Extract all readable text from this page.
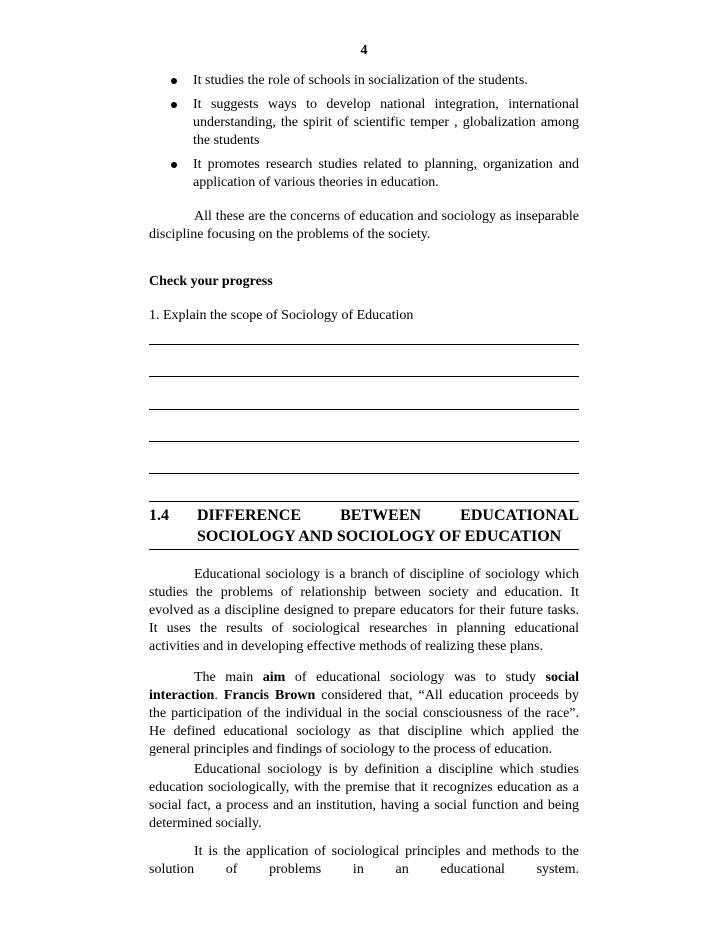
4
It studies the role of schools in socialization of the students.
It suggests ways to develop national integration, international understanding, the spirit of scientific temper , globalization among the students
It promotes research studies related to planning, organization and application of various theories in education.

All these are the concerns of education and sociology as inseparable discipline focusing on the problems of the society.

Check your progress
1. Explain the scope of Sociology of Education
1.4 DIFFERENCE BETWEEN EDUCATIONAL
SOCIOLOGY AND SOCIOLOGY OF EDUCATION

Educational sociology is a branch of discipline of sociology which studies the problems of relationship between society and education. It evolved as a discipline designed to prepare educators for their future tasks. It uses the results of sociological researches in planning educational activities and in developing effective methods of realizing these plans.

The main aim of educational sociology was to study social interaction. Francis Brown considered that, “All education proceeds by the participation of the individual in the social consciousness of the race”. He defined educational sociology as that discipline which applied the general principles and findings of sociology to the process of education.

Educational sociology is by definition a discipline which studies education sociologically, with the premise that it recognizes education as a social fact, a process and an institution, having a social function and being determined socially.

It is the application of sociological principles and methods to the solution of problems in an educational system.
